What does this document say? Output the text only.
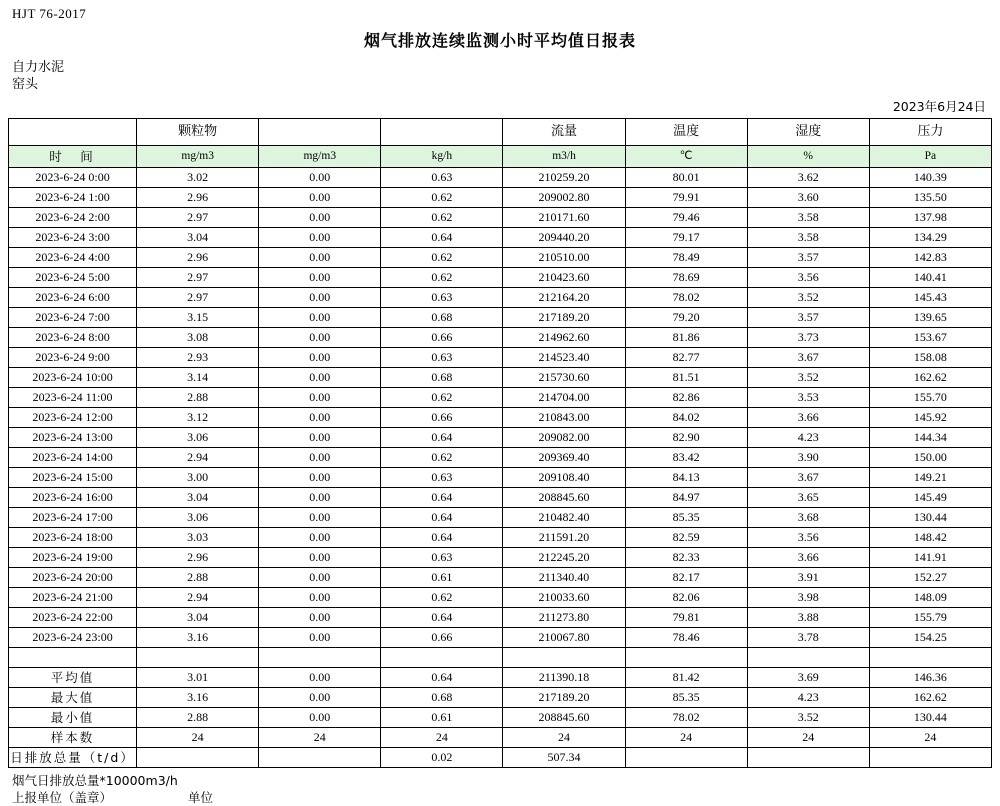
HJT 76-2017
烟气排放连续监测小时平均值日报表
自力水泥
窑头
2023年6月24日
	颗粒物			流量	温度	湿度	压力
时　间	mg/m3	mg/m3	kg/h	m3/h	℃	%	Pa
2023-6-24 0:00	3.02	0.00	0.63	210259.20	80.01	3.62	140.39
2023-6-24 1:00	2.96	0.00	0.62	209002.80	79.91	3.60	135.50
2023-6-24 2:00	2.97	0.00	0.62	210171.60	79.46	3.58	137.98
2023-6-24 3:00	3.04	0.00	0.64	209440.20	79.17	3.58	134.29
2023-6-24 4:00	2.96	0.00	0.62	210510.00	78.49	3.57	142.83
2023-6-24 5:00	2.97	0.00	0.62	210423.60	78.69	3.56	140.41
2023-6-24 6:00	2.97	0.00	0.63	212164.20	78.02	3.52	145.43
2023-6-24 7:00	3.15	0.00	0.68	217189.20	79.20	3.57	139.65
2023-6-24 8:00	3.08	0.00	0.66	214962.60	81.86	3.73	153.67
2023-6-24 9:00	2.93	0.00	0.63	214523.40	82.77	3.67	158.08
2023-6-24 10:00	3.14	0.00	0.68	215730.60	81.51	3.52	162.62
2023-6-24 11:00	2.88	0.00	0.62	214704.00	82.86	3.53	155.70
2023-6-24 12:00	3.12	0.00	0.66	210843.00	84.02	3.66	145.92
2023-6-24 13:00	3.06	0.00	0.64	209082.00	82.90	4.23	144.34
2023-6-24 14:00	2.94	0.00	0.62	209369.40	83.42	3.90	150.00
2023-6-24 15:00	3.00	0.00	0.63	209108.40	84.13	3.67	149.21
2023-6-24 16:00	3.04	0.00	0.64	208845.60	84.97	3.65	145.49
2023-6-24 17:00	3.06	0.00	0.64	210482.40	85.35	3.68	130.44
2023-6-24 18:00	3.03	0.00	0.64	211591.20	82.59	3.56	148.42
2023-6-24 19:00	2.96	0.00	0.63	212245.20	82.33	3.66	141.91
2023-6-24 20:00	2.88	0.00	0.61	211340.40	82.17	3.91	152.27
2023-6-24 21:00	2.94	0.00	0.62	210033.60	82.06	3.98	148.09
2023-6-24 22:00	3.04	0.00	0.64	211273.80	79.81	3.88	155.79
2023-6-24 23:00	3.16	0.00	0.66	210067.80	78.46	3.78	154.25

平均值	3.01	0.00	0.64	211390.18	81.42	3.69	146.36
最大值	3.16	0.00	0.68	217189.20	85.35	4.23	162.62
最小值	2.88	0.00	0.61	208845.60	78.02	3.52	130.44
样本数	24	24	24	24	24	24	24
日排放总量（t/d）			0.02	507.34			
烟气日排放总量*10000m3/h
上报单位（盖章）	单位
